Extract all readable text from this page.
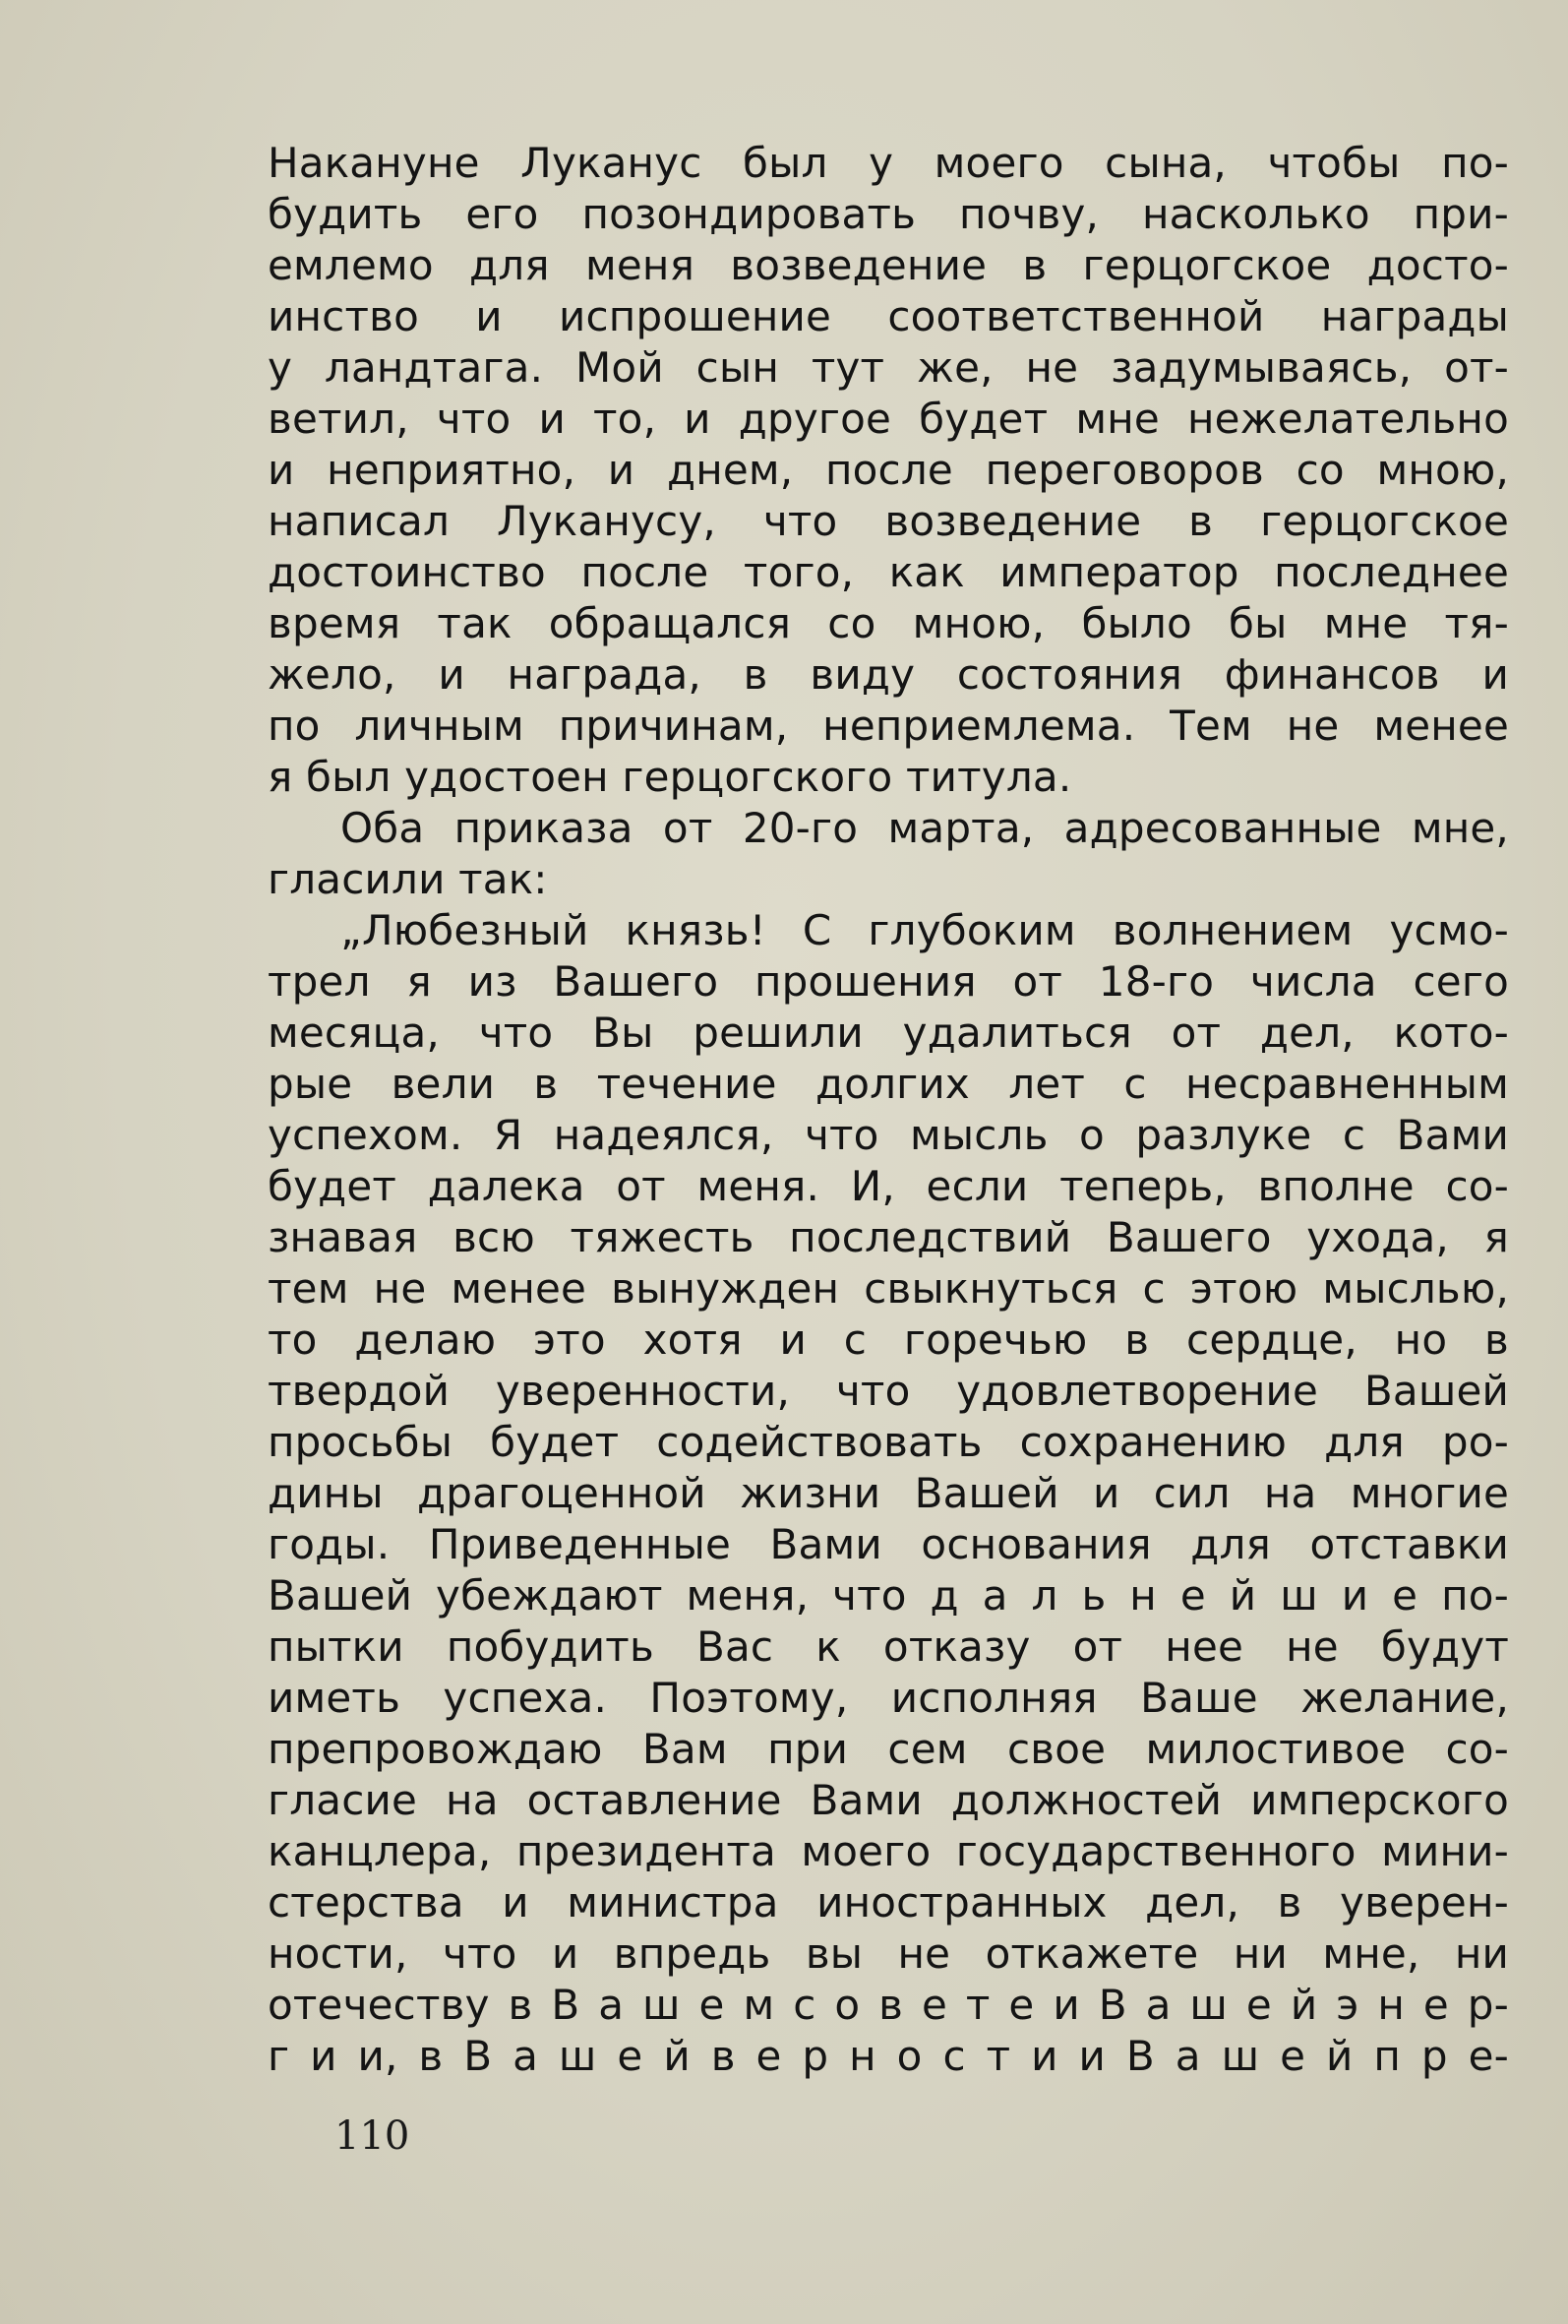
Накануне Луканус был у моего сына, чтобы по-
будить его позондировать почву, насколько при-
емлемо для меня возведение в герцогское досто-
инство и испрошение соответственной награды
у ландтага. Мой сын тут же, не задумываясь, от-
ветил, что и то, и другое будет мне нежелательно
и неприятно, и днем, после переговоров со мною,
написал Луканусу, что возведение в герцогское
достоинство после того, как император последнее
время так обращался со мною, было бы мне тя-
жело, и награда, в виду состояния финансов и
по личным причинам, неприемлема. Тем не менее
я был удостоен герцогского титула.
Оба приказа от 20-го марта, адресованные мне,
гласили так:
„Любезный князь! С глубоким волнением усмо-
трел я из Вашего прошения от 18-го числа сего
месяца, что Вы решили удалиться от дел, кото-
рые вели в течение долгих лет с несравненным
успехом. Я надеялся, что мысль о разлуке с Вами
будет далека от меня. И, если теперь, вполне со-
знавая всю тяжесть последствий Вашего ухода, я
тем не менее вынужден свыкнуться с этою мыслью,
то делаю это хотя и с горечью в сердце, но в
твердой уверенности, что удовлетворение Вашей
просьбы будет содействовать сохранению для ро-
дины драгоценной жизни Вашей и сил на многие
годы. Приведенные Вами основания для отставки
Вашей убеждают меня, что д а л ь н е й ш и е по-
пытки побудить Вас к отказу от нее не будут
иметь успеха. Поэтому, исполняя Ваше желание,
препровождаю Вам при сем свое милостивое со-
гласие на оставление Вами должностей имперского
канцлера, президента моего государственного мини-
стерства и министра иностранных дел, в уверен-
ности, что и впредь вы не откажете ни мне, ни
отечеству в В а ш е м с о в е т е и В а ш е й э н е р-
г и и, в В а ш е й в е р н о с т и и В а ш е й п р е-
110
